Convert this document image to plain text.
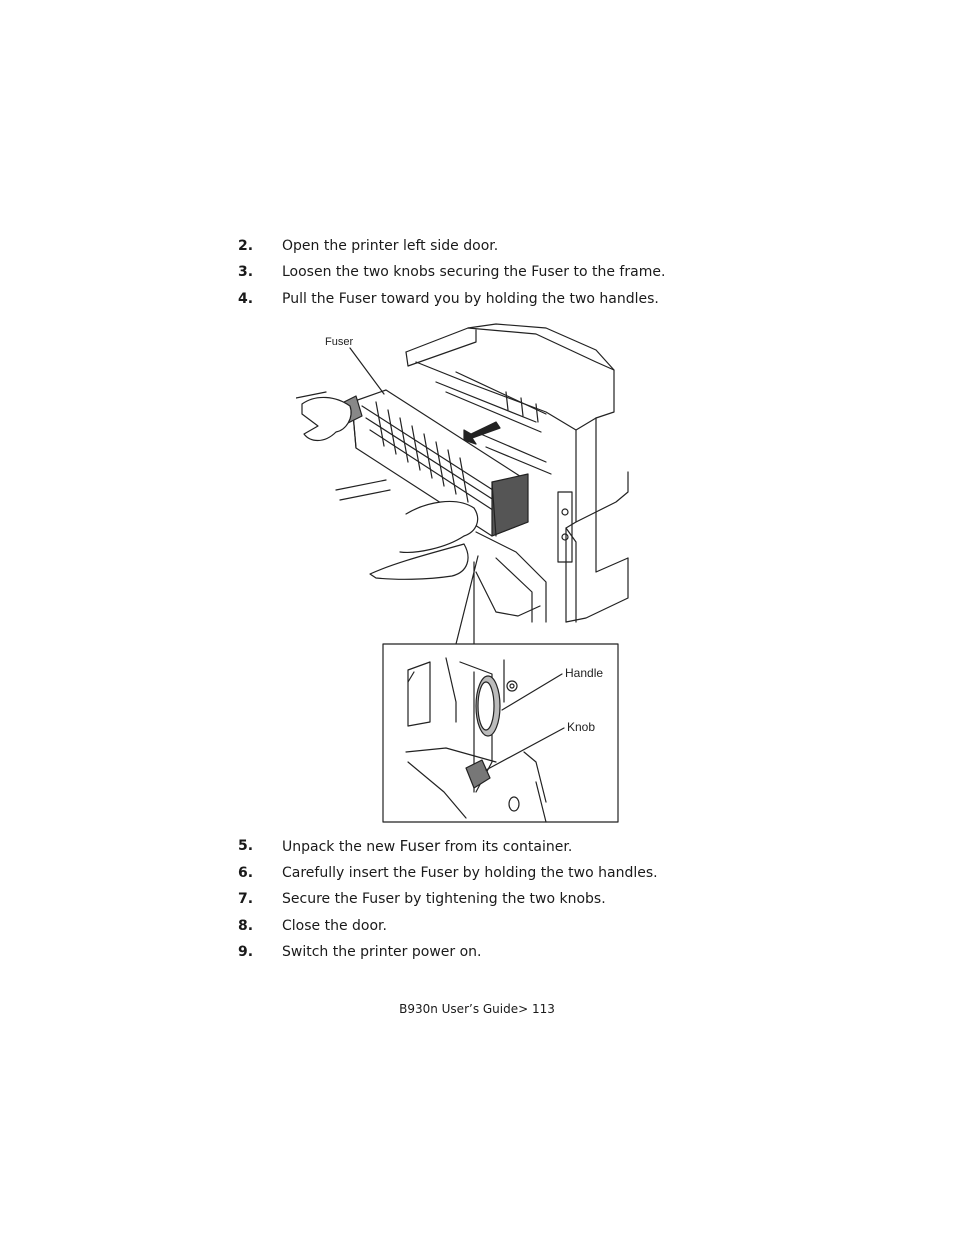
2. Open the printer left side door.
3. Loosen the two knobs securing the Fuser to the frame.
4. Pull the Fuser toward you by holding the two handles.
Fuser
Handle
Knob
5. Unpack the new Fuser from its container.
6. Carefully insert the Fuser by holding the two handles.
7. Secure the Fuser by tightening the two knobs.
8. Close the door.
9. Switch the printer power on.
B930n User’s Guide> 113
